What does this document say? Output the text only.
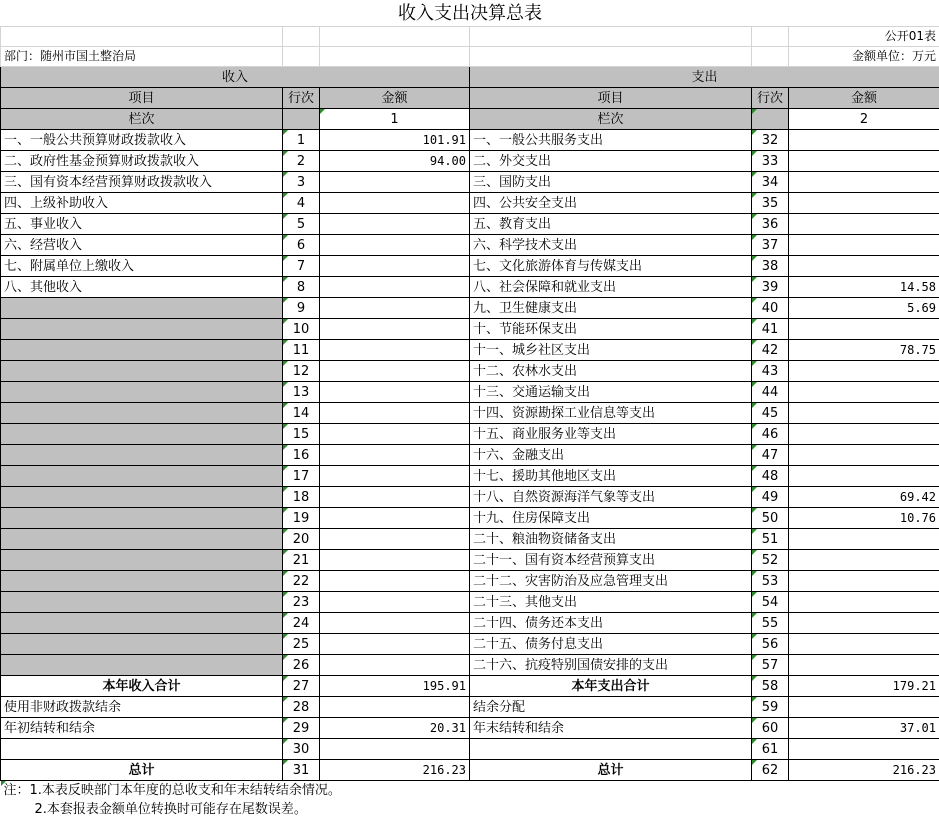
收入支出决算总表					
					公开01表
部门：随州市国土整治局					金额单位：万元
收入			支出		
项目	行次	金额	项目	行次	金额
栏次		1	栏次		2
一、一般公共预算财政拨款收入	1	101.91	一、一般公共服务支出	32	
二、政府性基金预算财政拨款收入	2	94.00	二、外交支出	33	
三、国有资本经营预算财政拨款收入	3		三、国防支出	34	
四、上级补助收入	4		四、公共安全支出	35	
五、事业收入	5		五、教育支出	36	
六、经营收入	6		六、科学技术支出	37	
七、附属单位上缴收入	7		七、文化旅游体育与传媒支出	38	
八、其他收入	8		八、社会保障和就业支出	39	14.58
	9		九、卫生健康支出	40	5.69
	10		十、节能环保支出	41	
	11		十一、城乡社区支出	42	78.75
	12		十二、农林水支出	43	
	13		十三、交通运输支出	44	
	14		十四、资源勘探工业信息等支出	45	
	15		十五、商业服务业等支出	46	
	16		十六、金融支出	47	
	17		十七、援助其他地区支出	48	
	18		十八、自然资源海洋气象等支出	49	69.42
	19		十九、住房保障支出	50	10.76
	20		二十、粮油物资储备支出	51	
	21		二十一、国有资本经营预算支出	52	
	22		二十二、灾害防治及应急管理支出	53	
	23		二十三、其他支出	54	
	24		二十四、债务还本支出	55	
	25		二十五、债务付息支出	56	
	26		二十六、抗疫特别国债安排的支出	57	
本年收入合计	27	195.91	本年支出合计	58	179.21
使用非财政拨款结余	28		结余分配	59	
年初结转和结余	29	20.31	年末结转和结余	60	37.01
	30			61	
总计	31	216.23	总计	62	216.23
注：1.本表反映部门本年度的总收支和年末结转结余情况。					
2.本套报表金额单位转换时可能存在尾数误差。					
